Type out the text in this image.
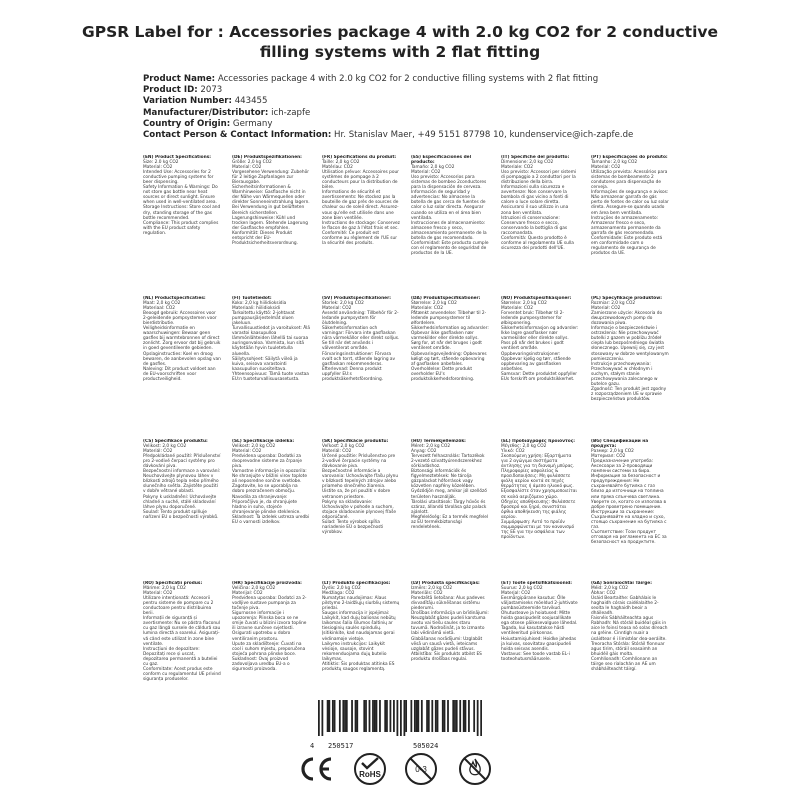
GPSR Label for : Accessories package 4 with 2.0 kg CO2 for 2 conductive filling systems with 2 flat fitting
Product Name: Accessories package 4 with 2.0 kg CO2 for 2 conductive filling systems with 2 flat fitting
Product ID: 2073
Variation Number: 443455
Manufacturer/Distributor: ich-zapfe
Country of Origin: Germany
Contact Person & Contact Information: Hr. Stanislav Maer, +49 5151 87798 10, kundenservice@ich-zapfe.de
(EN) Product Specifications:
Size: 2.0 kg CO2
Material: CO2
Intended Use: Accessories for 2 conductive pumping systems for beer dispensing.
Safety Information & Warnings: Do not store gas bottle near heat sources or direct sunlight. Ensure when used in well-ventilated area.
Storage Instructions: Store cool and dry, standing storage of the gas bottle recommended.
Compliance: This product complies with the EU product safety regulation.
(DE) Produktspezifikationen:
Größe: 2,0 kg CO2
Material: CO2
Vorgesehene Verwendung: Zubehör für 2 leitige Zapfanlagen zur Bierausgabe.
Sicherheitsinformationen & Warnhinweise: Gasflasche nicht in der Nähe von Wärmequellen oder direkter Sonneneinstrahlung lagern. Bei Verwendung in gut belüfteten Bereich sicherstellen.
Lagerungshinweise: Kühl und trocken lagern. Stehende Lagerung der Gasflasche empfohlen.
Konformität: Dieses Produkt entspricht der EU-Produktsicherheitsverordnung.
(FR) Spécifications du produit:
Taille: 2,0 kg CO2
Matériau: CO2
Utilisation prévue: Accessoires pour systèmes de pompage à 2 conducteurs pour la distribution de bière.
Informations de sécurité et avertissements: Ne stockez pas la bouteille de gaz près de sources de chaleur ou de soleil direct. Assurez-vous qu'elle est utilisée dans une zone bien ventilée.
Instructions de stockage: Conservez le flacon de gaz à l'état frais et sec.
Conformité: Ce produit est conforme au règlement de l'UE sur la sécurité des produits.
(ES) Especificaciones del producto:
Tamaño: 2,0 kg CO2
Material: CO2
Uso previsto: Accesorios para sistemas de bombeo 2conductores para la dispensación de cerveza.
Información de seguridad y advertencias: No almacene la botella de gas cerca de fuentes de calor o luz solar directa. Asegurar cuando se utiliza en el área bien ventilada.
Instrucciones de almacenamiento: almacene fresco y seco, almacenamiento permanente de la botella de gas recomendado.
Conformidad: Este producto cumple con el reglamento de seguridad de productos de la UE.
(IT) Specifiche del prodotto:
Dimensione: 2,0 kg CO2
Materiale: CO2
Uso previsto: Accessori per sistemi di pompaggio a 2 conduttori per la distribuzione della birra.
Informazioni sulla sicurezza e avvertenze: Non conservare la bombola di gas vicino a fonti di calore o luce solare diretta. Assicurarsi il suo utilizzo in una zona ben ventilata.
Istruzioni di conservazione: Conservare fresco e secco, conservando la bottiglia di gas raccomandata.
Conformità: Questo prodotto è conforme al regolamento UE sulla sicurezza dei prodotti dell'UE.
(PT) Especificações do produto:
Tamanho: 2,0 kg CO2
Material: CO2
Utilização prevista: Acessórios para sistemas de bombeamento 2 condutores para dispensação de cerveja.
Informações de segurança e avisos: Não armazenar garrafa de gás perto de fontes de calor ou luz solar direta. Assegure-se quando usado em área bem ventilada.
Instruções de armazenamento: Armazenar fresco e seco, armazenamento permanente da garrafa de gás recomendado.
Conformidade: Este produto está em conformidade com o regulamento de segurança de produtos da UE.
(NL) Productspecificaties:
Maat: 2,0 kg CO2
Materiaal: CO2
Beoogd gebruik: Accessoires voor 2-geleidende pompsystemen voor bierdistributie.
Veiligheidsinformatie en waarschuwingen: Bewaar geen gasfles bij warmtebronnen of direct zonlicht. Zorg ervoor dat bij gebruik in goed geventileerde gebieden.
Opslaginstructies: Koel en droog bewaren, de aanbevolen opslag van de gasfles.
Naleving: Dit product voldoet aan de EU-voorschriften voor productveiligheid.
(FI) Tuotetiedot:
Koko: 2,0 kg hiilidioksidia
Materiaali: hiilidioksidi
Tarkoitettu käyttö: 2-johtavat pumppausjärjestelmät oluen jakeluun.
Turvallisuustiedot ja varoitukset: Älä varastoi kaasupulloa lämmönlähteiden lähellä tai suoraa auringonvaloa. Varmista, kun sitä käytetään hyvin tuuletetulla alueella.
Säilytysohjeet: Säilytä viileä ja kuiva, seisova varastointi kaasupullon suositeltava.
Yhteensopivuus: Tämä tuote vastaa EU:n tuoteturvallisuusasetusta.
(SV) Produktspecifikationer:
Storlek: 2,0 kg CO2
Material: CO2
Avsedd användning: Tillbehör för 2-ledande pumpsystem för ölutdelning.
Säkerhetsinformation och varningar: Förvara inte gasflaskan nära värmekällor eller direkt solljus. Se till när det används i välventilerat område.
Förvaringsinstruktioner: Förvara svalt och torrt, stående lagring av gasflaskan rekommenderas.
Efterlevnad: Denna produkt uppfyller EU:s produktsäkerhetsförordning.
(DA) Produktspecifikationer:
Størrelse: 2,0 kg CO2
Materiale: CO2
Påtænkt anvendelse: Tilbehør til 2-ledende pumpesystemer til ølfordelere.
Sikkerhedsinformation og advarsler: Opbevar ikke gasflasken nær varmekilder eller direkte sollys. Sørg for, at når det bruges i godt ventileret område.
Opbevaringsvejledning: Opbevares køligt og tørt, stående opbevaring af gasflasken anbefales.
Overholdelse: Dette produkt overholder EU's produktsikkerhedsforordning.
(NO) Produktspesifikasjoner:
Størrelse: 2,0 kg CO2
Materiale: CO2
Forventet bruk: Tilbehør til 2-ledende pumpesystemer for ølbisponering.
Sikkerhetsinformasjon og advarsler: Ikke lagre gassflasker nær varmekilder eller direkte sollys. Pass på når det brukes i godt ventilert område.
Oppbevaringsinstruksjoner: Oppbevar kjølig og tørr, stående oppbevaring av gassflasken anbefales.
Samsvar: Dette produktet oppfyller EUs forskrift om produktsikkerhet.
(PL) Specyfikacje produktów:
Rozmiar: 2,0 kg CO2
Materiał: CO2
Zamierzone użycie: Akcesoria do dwuprzewodowych pomp do dozowania piwa.
Informacje o bezpieczeństwie i ostrzeżenia: Nie przechowywać butelki z gazem w pobliżu źródeł ciepła lub bezpośredniego światła słonecznego. Upewnij się, czy jest stosowany w dobrze wentylowanym pomieszczeniu.
Instrukcje przechowywania: Przechowywać w chłodnym i suchym, stałym stanie przechowywania zalecanego w butelce gazu.
Zgodność: Ten produkt jest zgodny z rozporządzeniem UE w sprawie bezpieczeństwa produktów.
(CS) Specifikace produktu:
Velikost: 2,0 kg CO2
Materiál: CO2
Předpokládané použití: Příslušenství pro 2-vodivé čerpací systémy pro dávkování piva.
Bezpečnostní informace a varování: Neuchovávejte plynovou láhev v blízkosti zdrojů tepla nebo přímého slunečního světla. Zajistěte použití v dobře větrané oblasti.
Pokyny k uskladnění: Uchovávejte chladné a suché, stálé skladování láhve plynu doporučené.
Soulad: Tento produkt splňuje nařízení EU o bezpečnosti výrobků.
(SL) Specifikacije izdelka:
Velikost: 2,0 kg CO2
Material: CO2
Predvidena uporaba: Dodatki za dvoprevodne sisteme za črpanje piva.
Varnostne informacije in opozorila: Ne shranjujte v bližini virov toplote ali neposredne sončne svetlobe. Zagotovite, ko se uporablja na dobro prezračenem območju.
Navodila za shranjevanje: Priporočljivo je, da shranjujete hladno in suho, stojeće shranjevanje plinske steklenice.
Skladnost: Ta izdelek ustreza uredbi EU o varnosti izdelkov.
(SK) Špecifikácie produktu:
Veľkosť: 2,0 kg CO2
Materiál: CO2
Určené použitie: Príslušenstvo pre 2-vodivé čerpacie systémy na dávkovanie piva.
Bezpečnostné informácie a varovania: Uchovávajte fľašu plynu v blízkosti tepelných zdrojov alebo priameho slnečného žiarenia. Uistite sa, že pri použití v dobre vetranom priestore.
Pokyny na skladovanie: Uchovávajte v pohode a suchom, stojace skladovanie plynovej fľaše odporúčané.
Súlad: Tento výrobok spĺňa nariadenie EÚ o bezpečnosti výrobkov.
(HU) Termékjellemzők:
Méret: 2,0 kg CO2
Anyag: CO2
Tervezett felhasználás: Tartozékok 2-vezető szivattyúrendszerekhez sörkiadáshoz.
Biztonsági információk és figyelmeztetések: Ne tárolja gázpalackot hőforrások vagy közvetlen napfény közelében. Győződjön meg, amikor jól szellőző területen használják.
Tárolási utasítások: Tárgy hűvös és száraz, állandó tárolása gáz palack ajánlott.
Megfelelőség: Ez a termék megfelel az EU termékbiztonsági rendeletének.
(EL) Προδιαγραφές προϊόντος:
Μέγεθος: 2,0 kg CO2
Υλικό: CO2
Σκοπούμενη χρήση: Εξαρτήματα για 2 αγώγιμα συστήματα άντλησης για τη διανομή μπύρας.
Πληροφορίες ασφαλείας & προειδοποιήσεις: Μη φυλάσσετε φιάλη αερίου κοντά σε πηγές θερμότητας ή άμεσο ηλιακό φως. Εξασφαλίστε όταν χρησιμοποιείται σε καλά αεριζόμενο χώρο.
Οδηγίες αποθήκευσης: Φυλάσσετε δροσερό και ξηρό, συνιστάται όρθια αποθήκευση της φιάλης αερίου.
Συμμόρφωση: Αυτό το προϊόν συμμορφώνεται με τον κανονισμό της ΕΕ για την ασφάλεια των προϊόντων.
(BG) Спецификации на продукта:
Размер: 2,0 kg CO2
Материал: CO2
Предназначение употреба: Аксесоари за 2-проводящи помпени системи за бира.
Информация за безопасност и предупреждения: Не съхранявайте бутилка с газ близо до източници на топлина или пряка слънчева светлина. Уверете се, когато се използва в добре проветрено помещение.
Инструкции за съхранение: Съхранявайте на хладно и сухо, стоящо съхранение на бутилка с газ.
Съответствие: Този продукт отговаря на регламента на ЕС за безопасност на продуктите.
(RO) Specificații produs:
Mărime: 2,0 kg CO2
Material: CO2
Utilizare intenționată: Accesorii pentru sisteme de pompare cu 2 conductoare pentru distribuirea berii.
Informații de siguranță și avertismente: Nu se păstra flaconul cu gaz lângă sursele de căldură sau lumina directă a soarelui. Asigurați-vă când este utilizat în zone bine ventilate.
Instrucțiuni de depozitare: Depozitați rece și uscat, depozitarea permanentă a buteliei cu gaz.
Conformitate: Acest produs este conform cu regulamentul UE privind siguranța produselor.
(HR) Specifikacije proizvoda:
Veličina: 2,0 kg CO2
Materijal: CO2
Predviđena uporaba: Dodatci za 2-vodljive sustave pumpanja za točenje piva.
Sigurnosne informacije i upozorenja: Plinska boca se ne smije čuvati u blizini izvora topline ili izravne sunčeve svjetlosti. Osigurati upotrebu u dobro ventiliranim prostoru.
Upute za skladištenje: Čuvati na cool i suhom mjestu, preporučena stojeća pohrana plinske boce.
Sukladnost: Ovaj proizvod zadovoljava uredbu EU-a o sigurnosti proizvoda.
(LT) Produkto specifikacijos:
Dydis: 2,0 kg CO2
Medžiaga: CO2
Numatytas naudojimas: Alaus pilstymo 2-laidžiųjų siurblių sistemų priedai.
Saugos informacija ir įspėjimai: Laikykit, kad dujų balionas nebūtų laikomas šalia šilumos šaltinių ar tiesioginių saulės spindulių. Įsitikinkite, kad naudojamas gerai vėdinamoje vietoje.
Laikymo instrukcijos: Laikykit vėsioje, sausoje, stovint rekomenduojama dujų butelio laikymas.
Atitiktis: Šis produktas atitinka ES produktų saugos reglamentą.
(LV) Produkta specifikācijas:
Izmērs: 2,0 kg CO2
Materiāls: CO2
Paredzētā lietošana: Alus padeves divvadītāju sūknēšanas sistēmu piederumi.
Drošības informācija un brīdinājumi: Neuzglabāt gāzes pudeli karstuma avotu vai tiešu saules staru tuvumā. Nodrošināt, ja to izmanto labi vēdināmā vietā.
Glabāšanas norādījumi: Uzglabāt vēsā un sausā vietā, ieteicams uzglabāt gāzes pudeli stāvus.
Atbilstība: Šis produkts atbilst ES produktu drošības regulai.
(ET) Toote spetsifikatsioonid:
Suurus: 2,0 kg CO2
Materjal: CO2
Eesmärgipärane kasutus: Õlle väljastamiseks mõeldud 2-juhtivate pumbasüsteemide tarvikud.
Ohutusteave ja hoiatused: Mitte hoida gaasipudelit soojusallikate ega otsese päikesevalguse lähedal. Tagada, kui kasutatakse hästi ventileeritud piirkonnas.
Hoiustamisjuhised: Hoidke jahedas ja kuivas, soovitatav gaasipudeli hoida seisvas asendis.
Vastavus: See toode vastab EL-i tooteohutusmäärusele.
(GA) Sonraíochtaí Táirge:
Méid: 2,0 kg CO2
Ábhar: CO2
Úsáid Beartaithe: Gabhálais le haghaidh córais caidéalaithe 2-seolta le haghaidh beoir a dháileadh.
Faisnéis Sábháilteachta agus Rabhadh: Ná stóráil buidéal gáis in aice le foinsí teasa nó solas díreach na gréine. Cinntigh nuair a úsáidtear é i limistéar dea-aeráilte.
Treoracha Stórála: Stóráil fionnuar agus tirim, stóráil seasaimh an bhuidéil gáis molta.
Comhlíonadh: Comhlíonann an táirge seo rialachán an AE um shábháilteacht táirgí.
4 250517	505024
RoHS
0-3
